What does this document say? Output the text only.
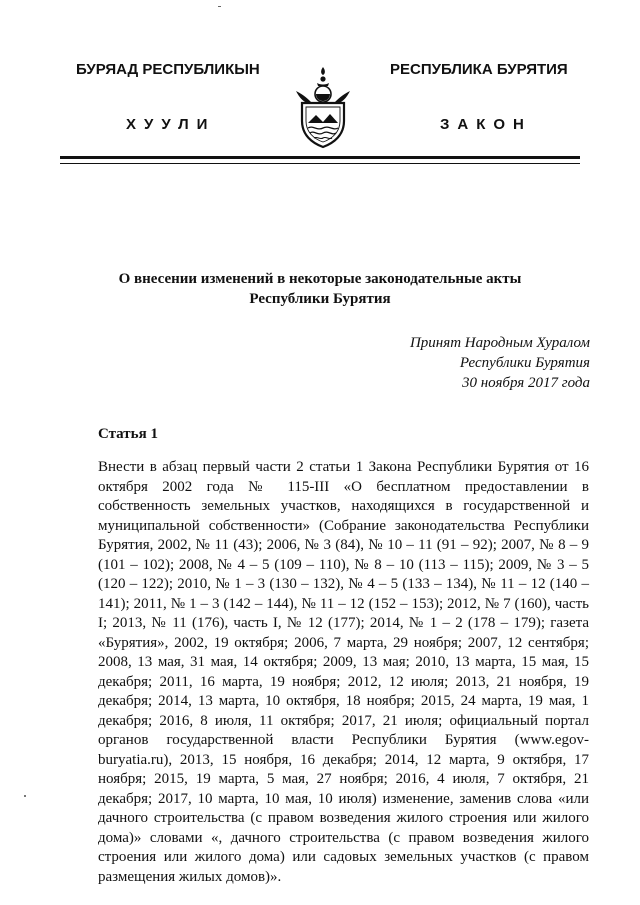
БУРЯАД РЕСПУБЛИКЫН
ХУУЛИ
РЕСПУБЛИКА БУРЯТИЯ
ЗАКОН
О внесении изменений в некоторые законодательные акты
Республики Бурятия
Принят Народным Хуралом
Республики Бурятия
30 ноября 2017 года
Статья 1
Внести в абзац первый части 2 статьи 1 Закона Республики Бурятия от 16 октября 2002 года № 115-III «О бесплатном предоставлении в собственность земельных участков, находящихся в государственной и муниципальной собственности» (Собрание законодательства Республики Бурятия, 2002, № 11 (43); 2006, № 3 (84), № 10 – 11 (91 – 92); 2007, № 8 – 9 (101 – 102); 2008, № 4 – 5 (109 – 110), № 8 – 10 (113 – 115); 2009, № 3 – 5 (120 – 122); 2010, № 1 – 3 (130 – 132), № 4 – 5 (133 – 134), № 11 – 12 (140 – 141); 2011, № 1 – 3 (142 – 144), № 11 – 12 (152 – 153); 2012, № 7 (160), часть I; 2013, № 11 (176), часть I, № 12 (177); 2014, № 1 – 2 (178 – 179); газета «Бурятия», 2002, 19 октября; 2006, 7 марта, 29 ноября; 2007, 12 сентября; 2008, 13 мая, 31 мая, 14 октября; 2009, 13 мая; 2010, 13 марта, 15 мая, 15 декабря; 2011, 16 марта, 19 ноября; 2012, 12 июля; 2013, 21 ноября, 19 декабря; 2014, 13 марта, 10 октября, 18 ноября; 2015, 24 марта, 19 мая, 1 декабря; 2016, 8 июля, 11 октября; 2017, 21 июля; официальный портал органов государственной власти Республики Бурятия (www.egov-buryatia.ru), 2013, 15 ноября, 16 декабря; 2014, 12 марта, 9 октября, 17 ноября; 2015, 19 марта, 5 мая, 27 ноября; 2016, 4 июля, 7 октября, 21 декабря; 2017, 10 марта, 10 мая, 10 июля) изменение, заменив слова «или дачного строительства (с правом возведения жилого строения или жилого дома)» словами «, дачного строительства (с правом возведения жилого строения или жилого дома) или садовых земельных участков (с правом размещения жилых домов)».
